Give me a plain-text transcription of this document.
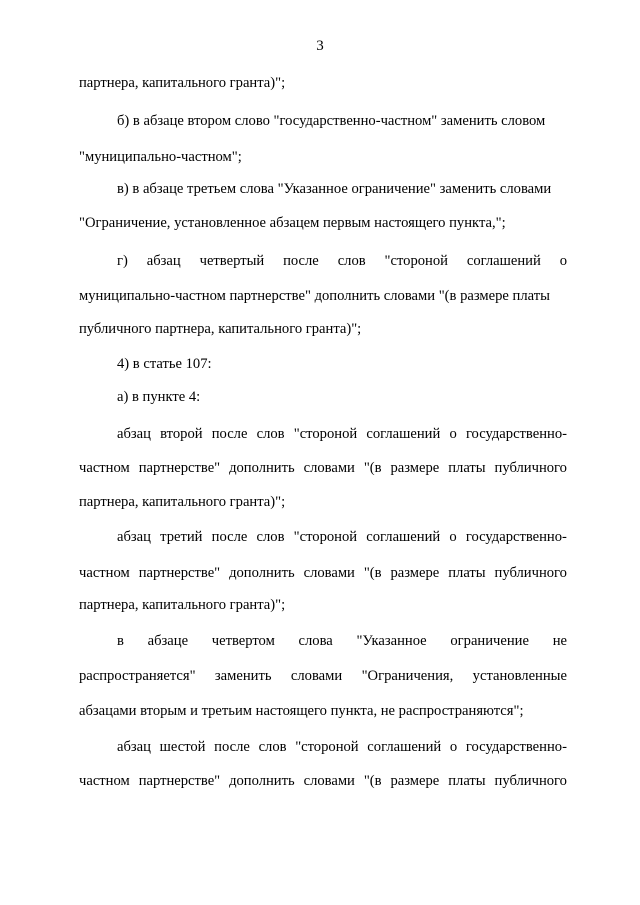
3
партнера, капитального гранта)";
б) в абзаце втором слово "государственно-частном" заменить словом
"муниципально-частном";
в) в абзаце третьем слова "Указанное ограничение" заменить словами
"Ограничение, установленное абзацем первым настоящего пункта,";
г) абзац четвертый после слов "стороной соглашений о
муниципально-частном партнерстве" дополнить словами "(в размере платы
публичного партнера, капитального гранта)";
4) в статье 107:
а) в пункте 4:
абзац второй после слов "стороной соглашений о государственно-
частном партнерстве" дополнить словами "(в размере платы публичного
партнера, капитального гранта)";
абзац третий после слов "стороной соглашений о государственно-
частном партнерстве" дополнить словами "(в размере платы публичного
партнера, капитального гранта)";
в абзаце четвертом слова "Указанное ограничение не
распространяется" заменить словами "Ограничения, установленные
абзацами вторым и третьим настоящего пункта, не распространяются";
абзац шестой после слов "стороной соглашений о государственно-
частном партнерстве" дополнить словами "(в размере платы публичного
